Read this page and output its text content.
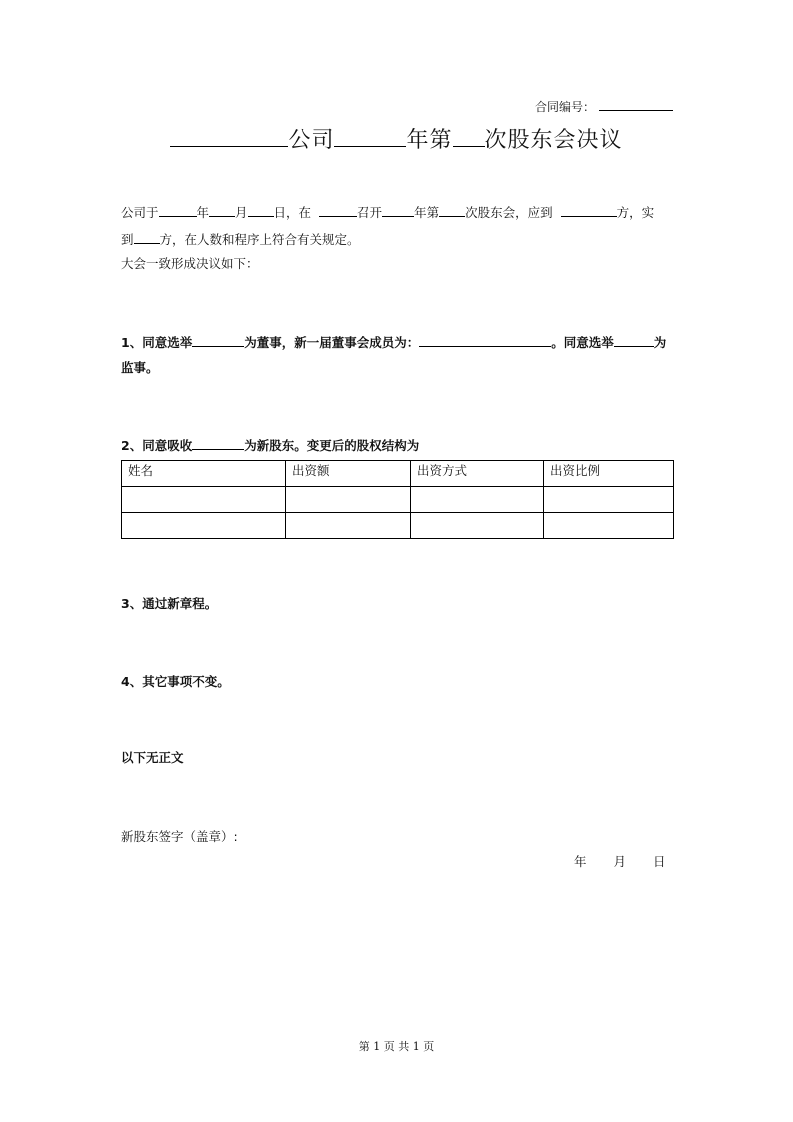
合同编号：
公司	年第 次股东会决议
公司于	年 月 日，在	召开	年第 次股东会，应到	方，实
到 方，在人数和程序上符合有关规定。
大会一致形成决议如下：
1、同意选举	为董事，新一届董事会成员为：	。同意选举	为
监事。
2、同意吸收	为新股东。变更后的股权结构为
姓名	出资额	出资方式	出资比例

3、通过新章程。
4、其它事项不变。
以下无正文
新股东签字（盖章）:
年 月 日
第 1 页 共 1 页
